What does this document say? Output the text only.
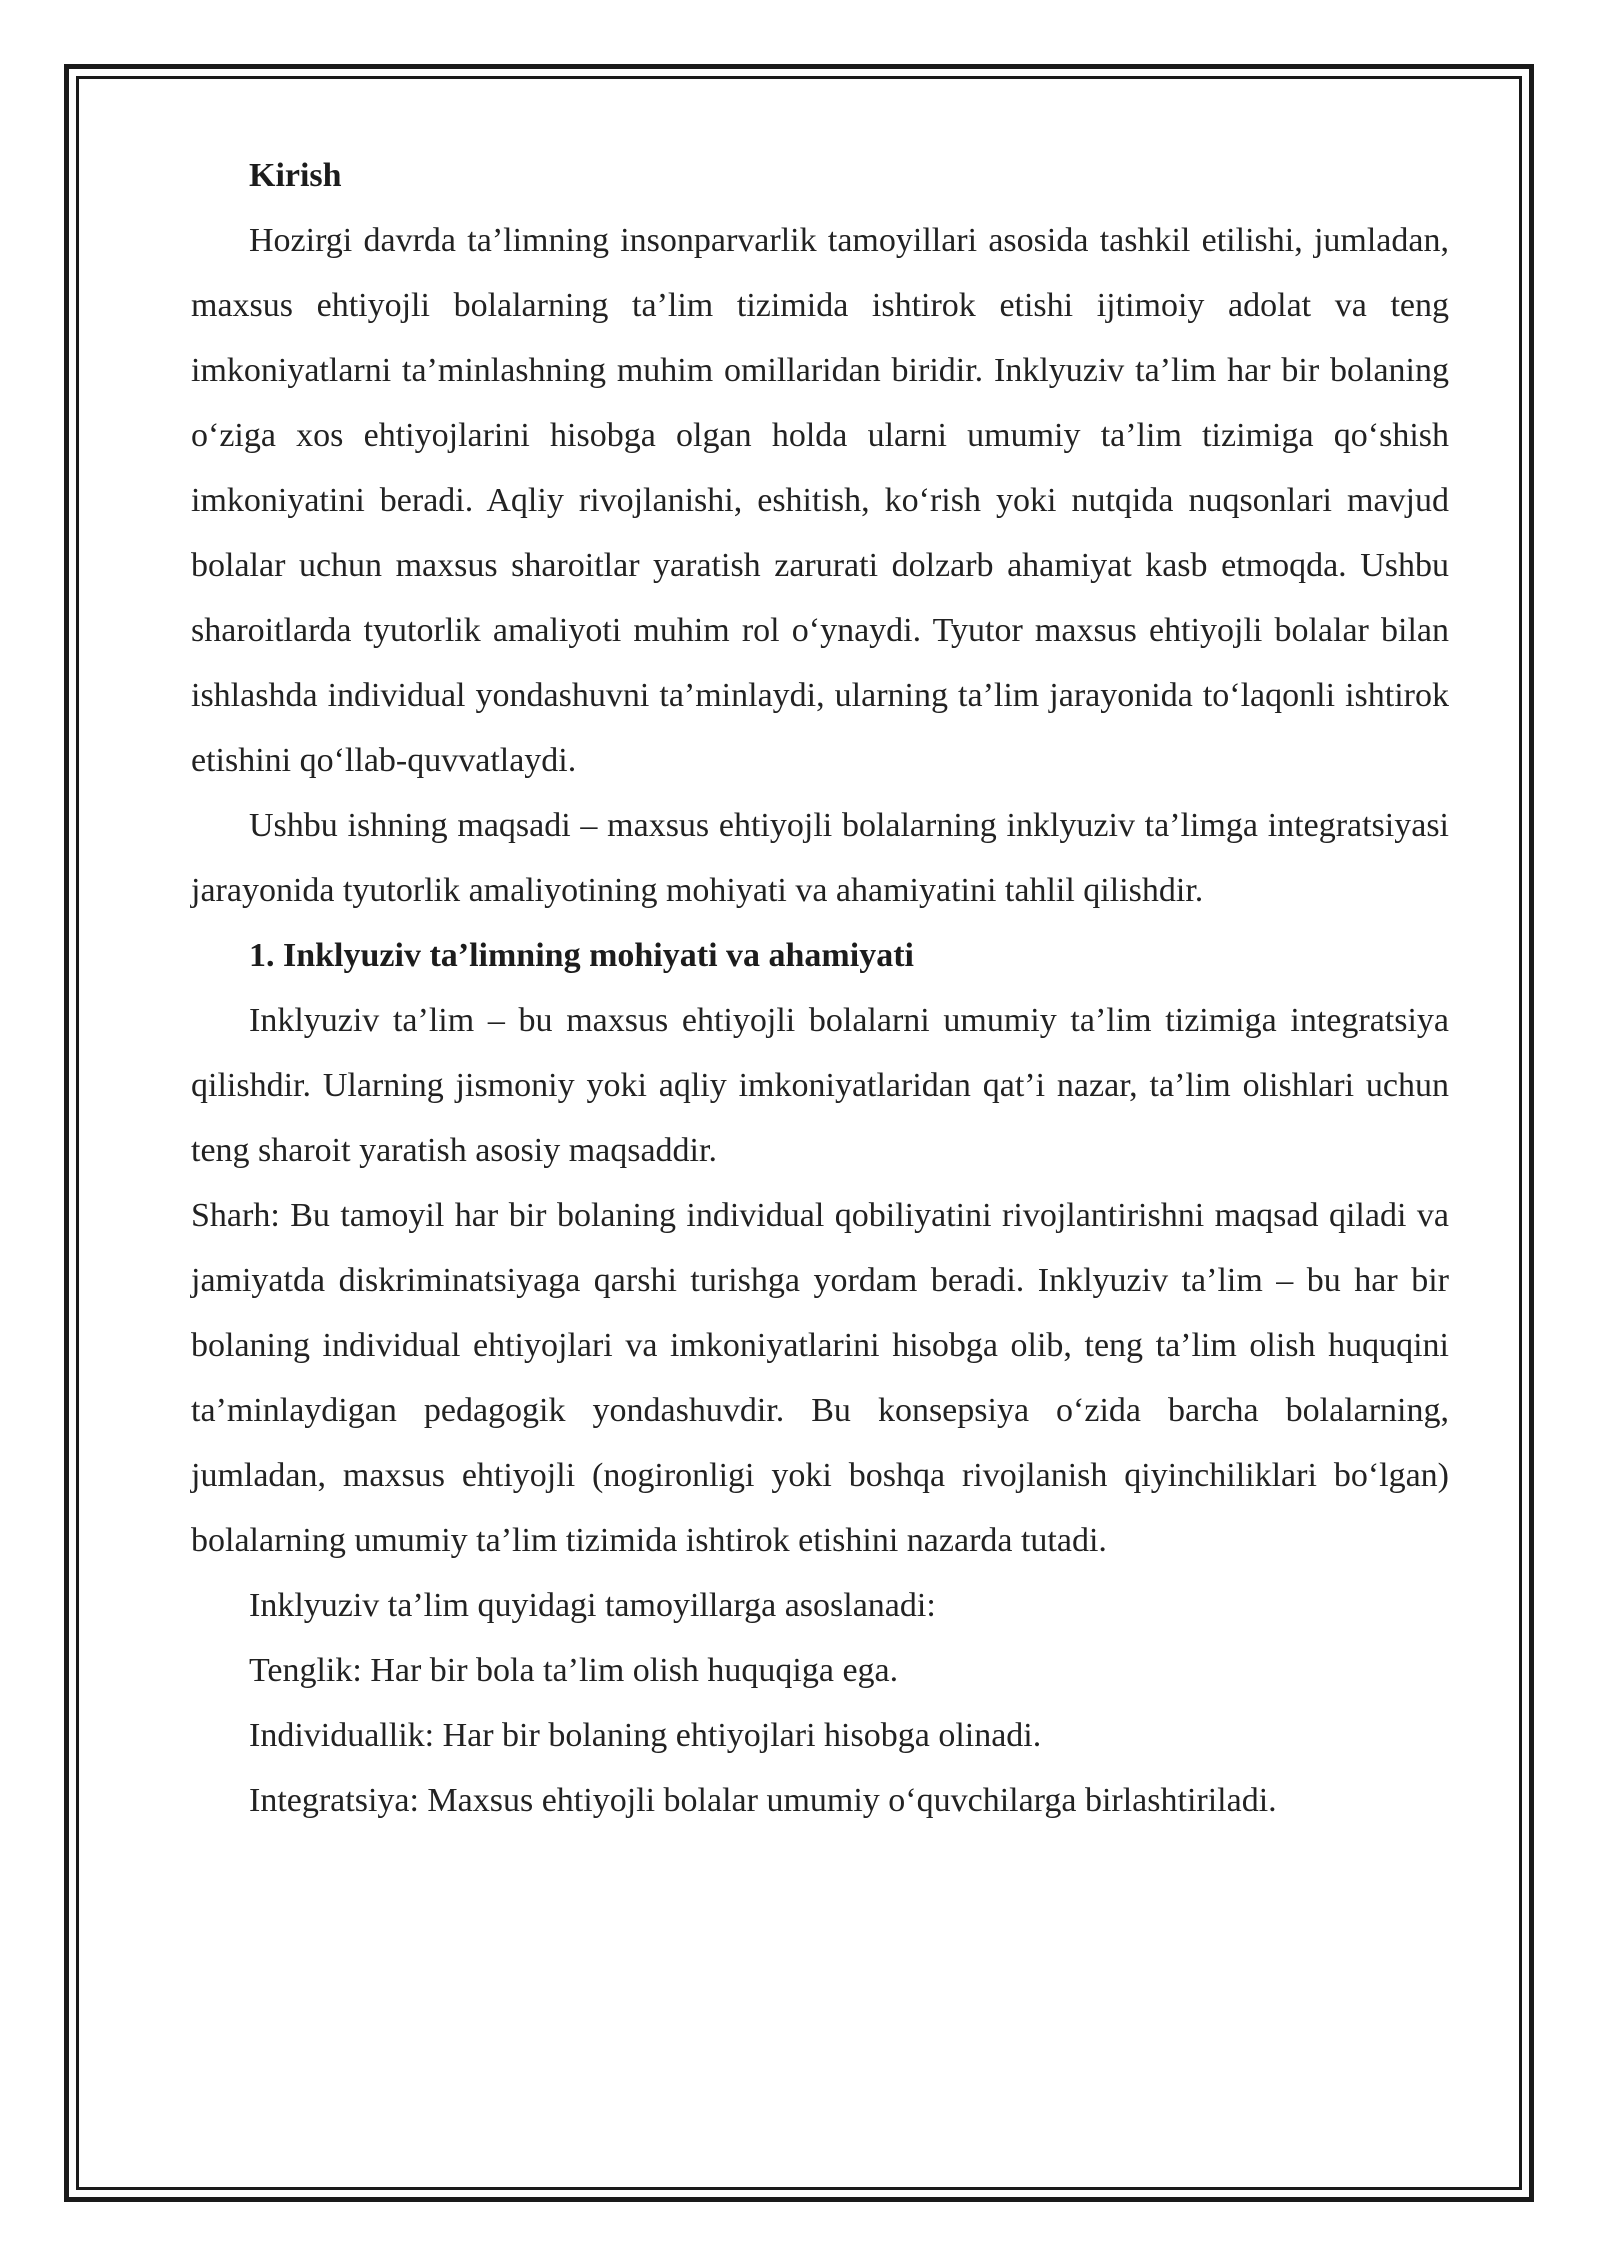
Kirish

Hozirgi davrda ta’limning insonparvarlik tamoyillari asosida tashkil etilishi, jumladan, maxsus ehtiyojli bolalarning ta’lim tizimida ishtirok etishi ijtimoiy adolat va teng imkoniyatlarni ta’minlashning muhim omillaridan biridir. Inklyuziv ta’lim har bir bolaning o‘ziga xos ehtiyojlarini hisobga olgan holda ularni umumiy ta’lim tizimiga qo‘shish imkoniyatini beradi. Aqliy rivojlanishi, eshitish, ko‘rish yoki nutqida nuqsonlari mavjud bolalar uchun maxsus sharoitlar yaratish zarurati dolzarb ahamiyat kasb etmoqda. Ushbu sharoitlarda tyutorlik amaliyoti muhim rol o‘ynaydi. Tyutor maxsus ehtiyojli bolalar bilan ishlashda individual yondashuvni ta’minlaydi, ularning ta’lim jarayonida to‘laqonli ishtirok etishini qo‘llab-quvvatlaydi.

Ushbu ishning maqsadi – maxsus ehtiyojli bolalarning inklyuziv ta’limga integratsiyasi jarayonida tyutorlik amaliyotining mohiyati va ahamiyatini tahlil qilishdir.

1. Inklyuziv ta’limning mohiyati va ahamiyati

Inklyuziv ta’lim – bu maxsus ehtiyojli bolalarni umumiy ta’lim tizimiga integratsiya qilishdir. Ularning jismoniy yoki aqliy imkoniyatlaridan qat’i nazar, ta’lim olishlari uchun teng sharoit yaratish asosiy maqsaddir.

Sharh: Bu tamoyil har bir bolaning individual qobiliyatini rivojlantirishni maqsad qiladi va jamiyatda diskriminatsiyaga qarshi turishga yordam beradi. Inklyuziv ta’lim – bu har bir bolaning individual ehtiyojlari va imkoniyatlarini hisobga olib, teng ta’lim olish huquqini ta’minlaydigan pedagogik yondashuvdir. Bu konsepsiya o‘zida barcha bolalarning, jumladan, maxsus ehtiyojli (nogironligi yoki boshqa rivojlanish qiyinchiliklari bo‘lgan) bolalarning umumiy ta’lim tizimida ishtirok etishini nazarda tutadi.

Inklyuziv ta’lim quyidagi tamoyillarga asoslanadi:

Tenglik: Har bir bola ta’lim olish huquqiga ega.

Individuallik: Har bir bolaning ehtiyojlari hisobga olinadi.

Integratsiya: Maxsus ehtiyojli bolalar umumiy o‘quvchilarga birlashtiriladi.
